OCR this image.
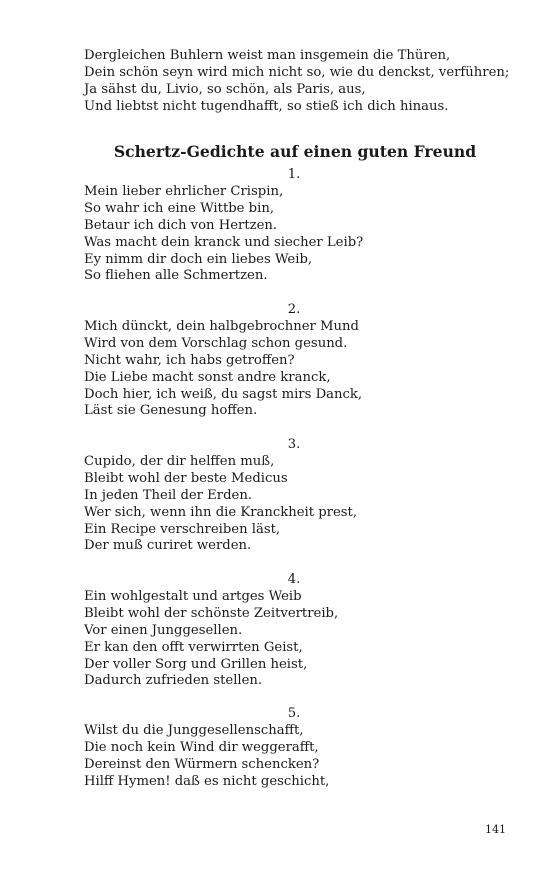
Dergleichen Buhlern weist man insgemein die Thüren,
Dein schön seyn wird mich nicht so, wie du denckst, verführen;
Ja sähst du, Livio, so schön, als Paris, aus,
Und liebtst nicht tugendhafft, so stieß ich dich hinaus.
Schertz-Gedichte auf einen guten Freund
1.
Mein lieber ehrlicher Crispin,
So wahr ich eine Wittbe bin,
Betaur ich dich von Hertzen.
Was macht dein kranck und siecher Leib?
Ey nimm dir doch ein liebes Weib,
So fliehen alle Schmertzen.
2.
Mich dünckt, dein halbgebrochner Mund
Wird von dem Vorschlag schon gesund.
Nicht wahr, ich habs getroffen?
Die Liebe macht sonst andre kranck,
Doch hier, ich weiß, du sagst mirs Danck,
Läst sie Genesung hoffen.
3.
Cupido, der dir helffen muß,
Bleibt wohl der beste Medicus
In jeden Theil der Erden.
Wer sich, wenn ihn die Kranckheit prest,
Ein Recipe verschreiben läst,
Der muß curiret werden.
4.
Ein wohlgestalt und artges Weib
Bleibt wohl der schönste Zeitvertreib,
Vor einen Junggesellen.
Er kan den offt verwirrten Geist,
Der voller Sorg und Grillen heist,
Dadurch zufrieden stellen.
5.
Wilst du die Junggesellenschafft,
Die noch kein Wind dir weggerafft,
Dereinst den Würmern schencken?
Hilff Hymen! daß es nicht geschicht,
141
